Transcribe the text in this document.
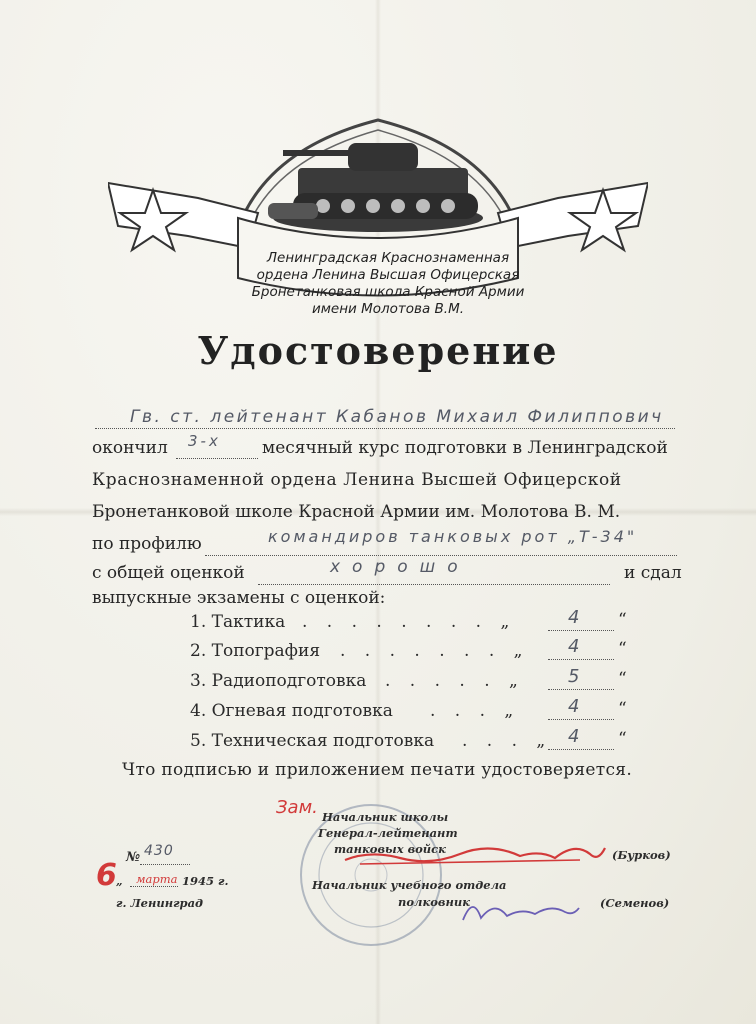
Ленинградская Краснознаменная
ордена Ленина Высшая Офицерская
Бронетанковая школа Красной Армии
имени Молотова В.М.
Удостоверение
Гв. ст. лейтенант Кабанов Михаил Филиппович
окончил 3-х месячный курс подготовки в Ленинградской
Краснознаменной ордена Ленина Высшей Офицерской
Бронетанковой школе Красной Армии им. Молотова В. М.
по профилю	командиров танковых рот „Т-34"
с общей оценкой	хорошо	и сдал
выпускные экзамены с оценкой:
1. Тактика . . . . . . . . „	4 “
2. Топография . . . . . . . „ 4 “
3. Радиоподготовка . . . . . „ 5 “
4. Огневая подготовка . . . „	4 “
5. Техническая подготовка . . . „ 4 “
Что подписью и приложением печати удостоверяется.
Зам. Начальник школы
Генерал-лейтенант
танковых войск	(Бурков)
Начальник учебного отдела
полковник	(Семенов)
№ 430
6 „ марта 1945 г.
г. Ленинград
